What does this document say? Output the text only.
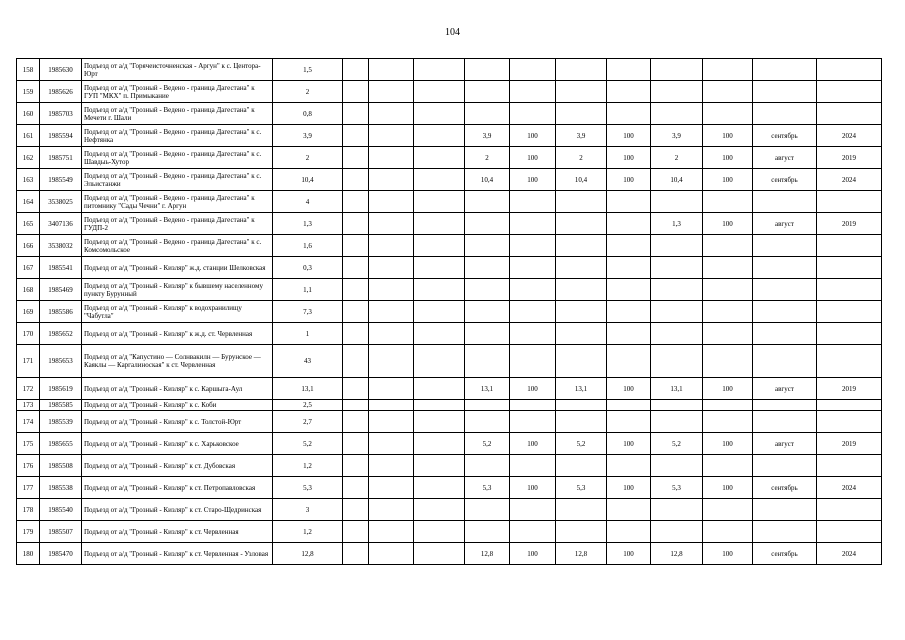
104
158	1985630	Подъезд от а/д "Горячеисточненская - Аргун" к с. Центора-Юрт	1,5											
159	1985626	Подъезд от а/д "Грозный - Ведено - граница Дагестана" к ГУП "МКХ" п. Примыкание	2											
160	1985703	Подъезд от а/д "Грозный - Ведено - граница Дагестана" к Мечети г. Шали	0,8											
161	1985594	Подъезд от а/д "Грозный - Ведено - граница Дагестана" к с. Нефтянка	3,9				3,9	100	3,9	100	3,9	100	сентябрь	2024
162	1985751	Подъезд от а/д "Грозный - Ведено - граница Дагестана" к с. Шавдыь-Хутор	2				2	100	2	100	2	100	август	2019
163	1985549	Подъезд от а/д "Грозный - Ведено - граница Дагестана" к с. Эльистанжи	10,4				10,4	100	10,4	100	10,4	100	сентябрь	2024
164	3538025	Подъезд от а/д "Грозный - Ведено - граница Дагестана" к питомнику "Сады Чечни" г. Аргун	4											
165	3407136	Подъезд от а/д "Грозный - Ведено - граница Дагестана" к ГУДП-2	1,3								1,3	100	август	2019
166	3538032	Подъезд от а/д "Грозный - Ведено - граница Дагестана" к с. Комсомольское	1,6											
167	1985541	Подъезд от а/д "Грозный - Кизляр" ж.д. станции Шелковская	0,3											
168	1985469	Подъезд от а/д "Грозный - Кизляр" к бывшему населенному пункту Бурунный	1,1											
169	1985586	Подъезд от а/д "Грозный - Кизляр" к водохранилищу "Чабутла"	7,3											
170	1985652	Подъезд от а/д "Грозный - Кизляр" к ж.д. ст. Червленная	1											
171	1985653	Подъезд от а/д "Капустино — Солнвакилн — Бурунское — Каяклы — Каргалиноская" к ст. Червленная	43											
172	1985619	Подъезд от а/д "Грозный - Кизляр" к с. Каршыга-Аул	13,1				13,1	100	13,1	100	13,1	100	август	2019
173	1985585	Подъезд от а/д "Грозный - Кизляр" к с. Коби	2,5											
174	1985539	Подъезд от а/д "Грозный - Кизляр" к с. Толстой-Юрт	2,7											
175	1985655	Подъезд от а/д "Грозный - Кизляр" к с. Харьковское	5,2				5,2	100	5,2	100	5,2	100	август	2019
176	1985508	Подъезд от а/д "Грозный - Кизляр" к ст. Дубовская	1,2											
177	1985538	Подъезд от а/д "Грозный - Кизляр" к ст. Петропавловская	5,3				5,3	100	5,3	100	5,3	100	сентябрь	2024
178	1985540	Подъезд от а/д "Грозный - Кизляр" к ст. Старо-Щедринская	3											
179	1985507	Подъезд от а/д "Грозный - Кизляр" к ст. Червленная	1,2											
180	1985470	Подъезд от а/д "Грозный - Кизляр" к ст. Червленная - Узловая	12,8				12,8	100	12,8	100	12,8	100	сентябрь	2024
